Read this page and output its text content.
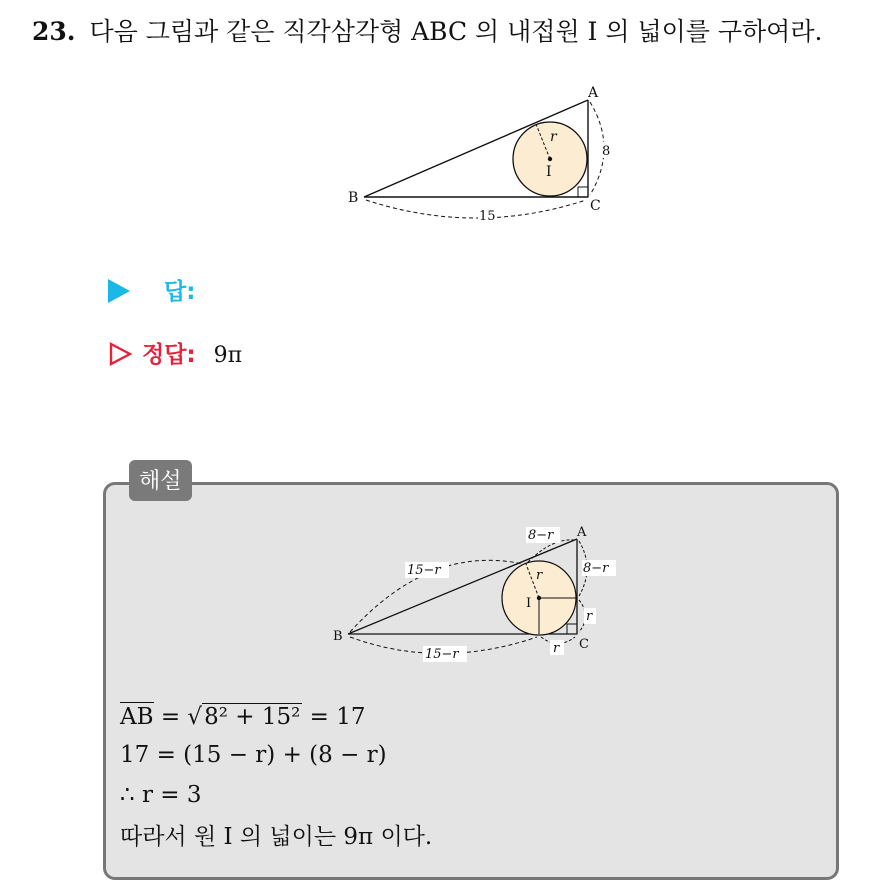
23. 다음 그림과 같은 직각삼각형 ABC 의 내접원 I 의 넓이를 구하여라.
A
B	C
I
r
15
8
답:
정답: 9π
해설
A
B
C
I
r
8−r
8−r
r
r
15−r
15−r
AB = √8² + 15² = 17
17 = (15 − r) + (8 − r)
∴ r = 3
따라서 원 I 의 넓이는 9π 이다.
